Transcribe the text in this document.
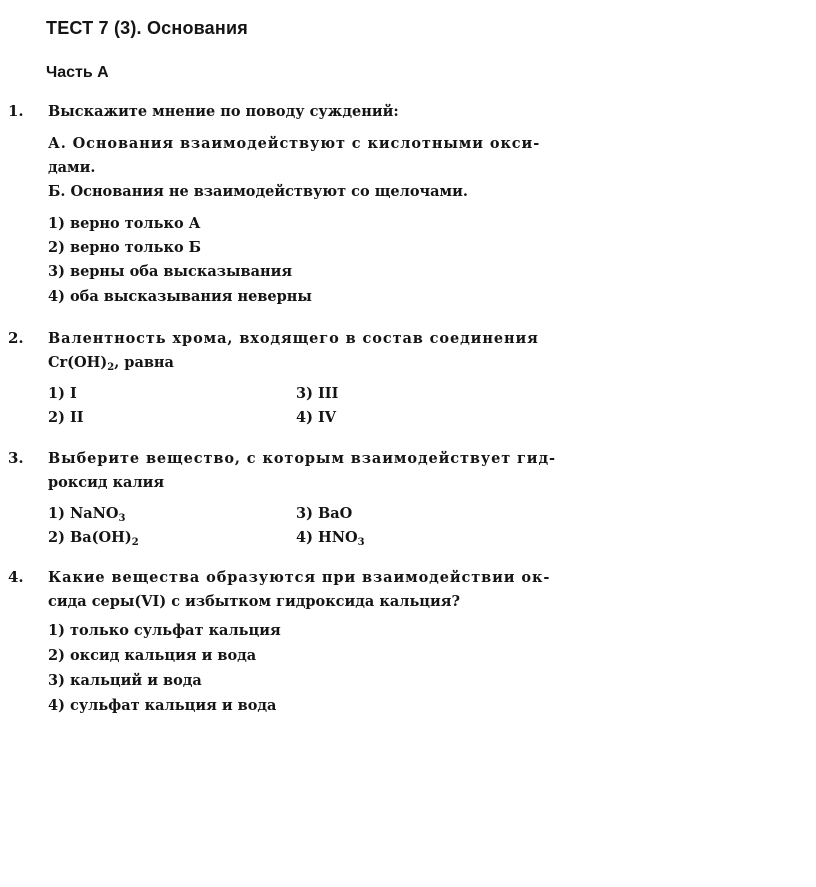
ТЕСТ 7 (3). Основания
Часть А
1. Выскажите мнение по поводу суждений:
А. Основания взаимодействуют с кислотными окси-
дами.
Б. Основания не взаимодействуют со щелочами.
1) верно только А
2) верно только Б
3) верны оба высказывания
4) оба высказывания неверны
2. Валентность хрома, входящего в состав соединения
$Cr(OH)_2$, равна
1) I	3) III
2) II	4) IV
3. Выберите вещество, с которым взаимодействует гид-
роксид калия
1) NaNO$_3$	3) BaO
2) $Ba(OH)_2$	4) $HNO_3$
4. Какие вещества образуются при взаимодействии ок-
сида серы(VI) с избытком гидроксида кальция?
1) только сульфат кальция
2) оксид кальция и вода
3) кальций и вода
4) сульфат кальция и вода
